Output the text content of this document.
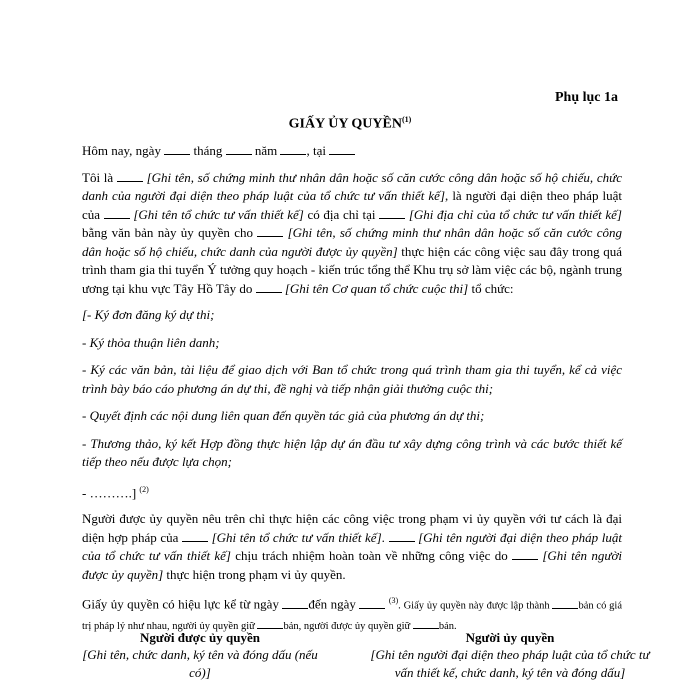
Phụ lục 1a
GIẤY ỦY QUYỀN$^{(1)}$

Hôm nay, ngày  tháng  năm , tại

Tôi là  [Ghi tên, số chứng minh thư nhân dân hoặc số căn cước công dân hoặc số hộ chiếu, chức danh của người đại diện theo pháp luật của tổ chức tư vấn thiết kế], là người đại diện theo pháp luật của  [Ghi tên tổ chức tư vấn thiết kế] có địa chỉ tại  [Ghi địa chỉ của tổ chức tư vấn thiết kế] bằng văn bản này ủy quyền cho  [Ghi tên, số chứng minh thư nhân dân hoặc số căn cước công dân hoặc số hộ chiếu, chức danh của người được ủy quyền] thực hiện các công việc sau đây trong quá trình tham gia thi tuyển Ý tưởng quy hoạch - kiến trúc tổng thể Khu trụ sở làm việc các bộ, ngành trung ương tại khu vực Tây Hồ Tây do  [Ghi tên Cơ quan tổ chức cuộc thi] tổ chức:

[- Ký đơn đăng ký dự thi;

- Ký thỏa thuận liên danh;

- Ký các văn bản, tài liệu để giao dịch với Ban tổ chức trong quá trình tham gia thi tuyển, kể cả việc trình bày báo cáo phương án dự thi, đề nghị và tiếp nhận giải thưởng cuộc thi;

- Quyết định các nội dung liên quan đến quyền tác giả của phương án dự thi;

- Thương thảo, ký kết Hợp đồng thực hiện lập dự án đầu tư xây dựng công trình và các bước thiết kế tiếp theo nếu được lựa chọn;

- ……….] $^{(2)}$

Người được ủy quyền nêu trên chỉ thực hiện các công việc trong phạm vi ủy quyền với tư cách là đại diện hợp pháp của  [Ghi tên tổ chức tư vấn thiết kế].  [Ghi tên người đại diện theo pháp luật của tổ chức tư vấn thiết kế] chịu trách nhiệm hoàn toàn về những công việc do  [Ghi tên người được ủy quyền] thực hiện trong phạm vi ủy quyền.

Giấy ủy quyền có hiệu lực kể từ ngày đến ngày	$^{(3)}$. Giấy ủy quyền này được lập thành bản có giá trị pháp lý như nhau, người ủy quyền giữ bản, người được ủy quyền giữ bản.

Người được ủy quyền
[Ghi tên, chức danh, ký tên và đóng dấu (nếu có)]
Người ủy quyền
[Ghi tên người đại diện theo pháp luật của tổ chức tư vấn thiết kế, chức danh, ký tên và đóng dấu]
